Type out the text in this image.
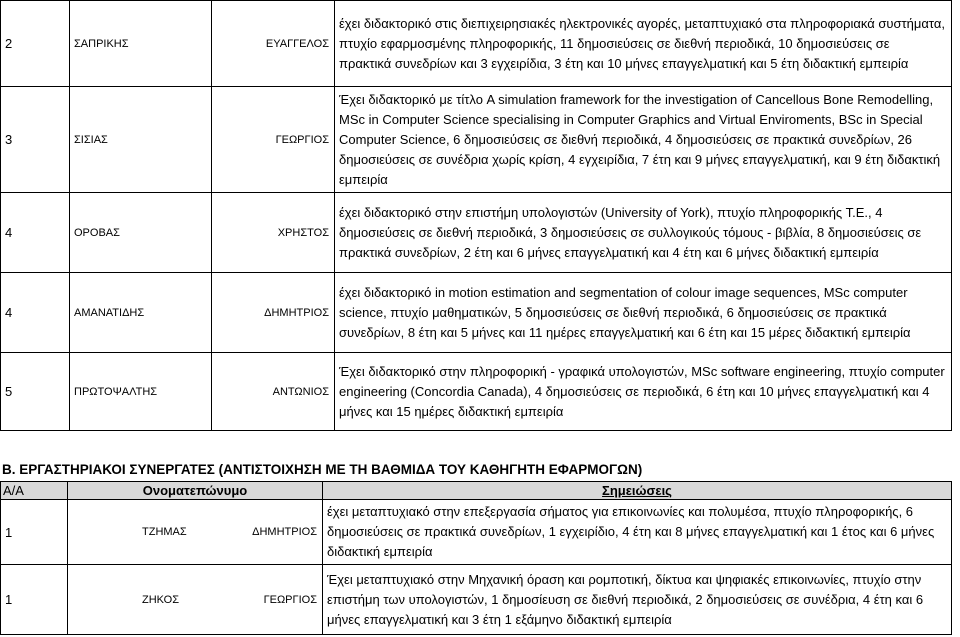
2	ΣΑΠΡΙΚΗΣ	ΕΥΑΓΓΕΛΟΣ	έχει διδακτορικό στις διεπιχειρησιακές ηλεκτρονικές αγορές, μεταπτυχιακό στα πληροφοριακά συστήματα, πτυχίο εφαρμοσμένης πληροφορικής, 11 δημοσιεύσεις σε διεθνή περιοδικά, 10 δημοσιεύσεις σε πρακτικά συνεδρίων και 3 εγχειρίδια, 3 έτη και 10 μήνες επαγγελματική και 5 έτη διδακτική εμπειρία
3	ΣΙΣΙΑΣ	ΓΕΩΡΓΙΟΣ	Έχει διδακτορικό με τίτλο A simulation framework for the investigation of Cancellous Bone Remodelling, MSc in Computer Science specialising in Computer Graphics and Virtual Enviroments, BSc in Special Computer Science, 6 δημοσιεύσεις σε διεθνή περιοδικά, 4 δημοσιεύσεις σε πρακτικά συνεδρίων, 26 δημοσιεύσεις σε συνέδρια χωρίς κρίση, 4 εγχειρίδια, 7 έτη και 9 μήνες επαγγελματική, και 9 έτη διδακτική εμπειρία
4	ΟΡΟΒΑΣ	ΧΡΗΣΤΟΣ	έχει διδακτορικό στην επιστήμη υπολογιστών (University of York), πτυχίο πληροφορικής Τ.Ε., 4 δημοσιεύσεις σε διεθνή περιοδικά, 3 δημοσιεύσεις σε συλλογικούς τόμους - βιβλία, 8 δημοσιεύσεις σε πρακτικά συνεδρίων, 2 έτη και 6 μήνες επαγγελματική και 4 έτη και 6 μήνες διδακτική εμπειρία
4	ΑΜΑΝΑΤΙΔΗΣ	ΔΗΜΗΤΡΙΟΣ	έχει διδακτορικό in motion estimation and segmentation of colour image sequences, MSc computer science, πτυχίο μαθηματικών, 5 δημοσιεύσεις σε διεθνή περιοδικά, 6 δημοσιεύσεις σε πρακτικά συνεδρίων, 8 έτη και 5 μήνες και 11 ημέρες επαγγελματική και 6 έτη και 15 μέρες διδακτική εμπειρία
5	ΠΡΩΤΟΨΑΛΤΗΣ	ΑΝΤΩΝΙΟΣ	Έχει διδακτορικό στην πληροφορική - γραφικά υπολογιστών, MSc software engineering, πτυχίο computer engineering (Concordia Canada), 4 δημοσιεύσεις σε περιοδικά, 6 έτη και 10 μήνες επαγγελματική και 4 μήνες και 15 ημέρες διδακτική εμπειρία
Β. ΕΡΓΑΣΤΗΡΙΑΚΟΙ ΣΥΝΕΡΓΑΤΕΣ (ΑΝΤΙΣΤΟΙΧΗΣΗ ΜΕ ΤΗ ΒΑΘΜΙΔΑ ΤΟΥ ΚΑΘΗΓΗΤΗ ΕΦΑΡΜΟΓΩΝ)
Α/Α	Ονοματεπώνυμο	Σημειώσεις
1	ΤΖΗΜΑΣ ΔΗΜΗΤΡΙΟΣ	έχει μεταπτυχιακό στην επεξεργασία σήματος για επικοινωνίες και πολυμέσα, πτυχίο πληροφορικής, 6 δημοσιεύσεις σε πρακτικά συνεδρίων, 1 εγχειρίδιο, 4 έτη και 8 μήνες επαγγελματική και 1 έτος και 6 μήνες διδακτική εμπειρία
1	ΖΗΚΟΣ ΓΕΩΡΓΙΟΣ	Έχει μεταπτυχιακό στην Μηχανική όραση και ρομποτική, δίκτυα και ψηφιακές επικοινωνίες, πτυχίο στην επιστήμη των υπολογιστών, 1 δημοσίευση σε διεθνή περιοδικά, 2 δημοσιεύσεις σε συνέδρια, 4 έτη και 6 μήνες επαγγελματική και 3 έτη 1 εξάμηνο διδακτική εμπειρία
